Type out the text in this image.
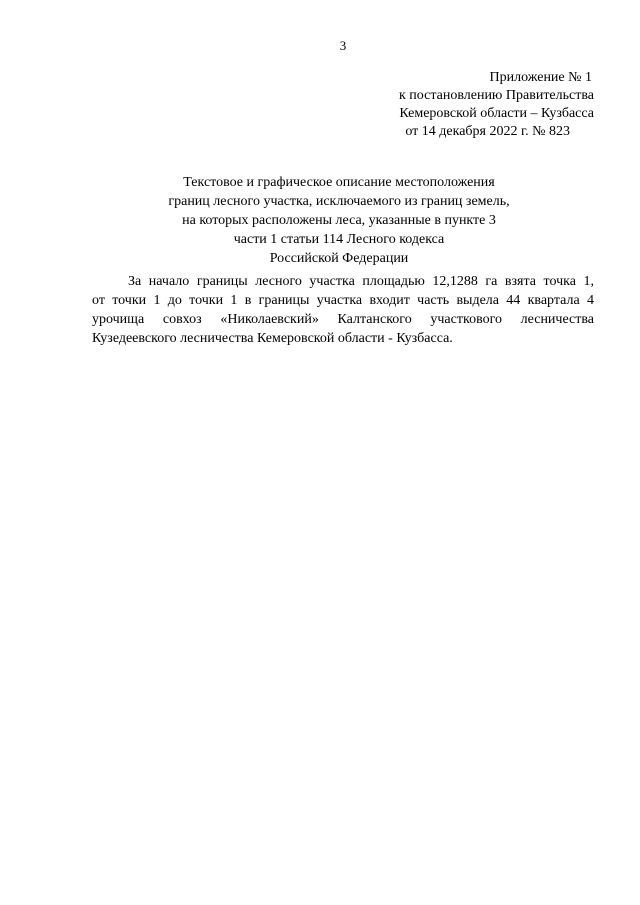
3
Приложение № 1
к постановлению Правительства
Кемеровской области – Кузбасса
от 14 декабря 2022 г. № 823
Текстовое и графическое описание местоположения
границ лесного участка, исключаемого из границ земель,
на которых расположены леса, указанные в пункте 3
части 1 статьи 114 Лесного кодекса
Российской Федерации
За начало границы лесного участка площадью 12,1288 га взята точка 1,
от точки 1 до точки 1 в границы участка входит часть выдела 44 квартала 4
урочища совхоз «Николаевский» Калтанского участкового лесничества
Кузедеевского лесничества Кемеровской области - Кузбасса.
